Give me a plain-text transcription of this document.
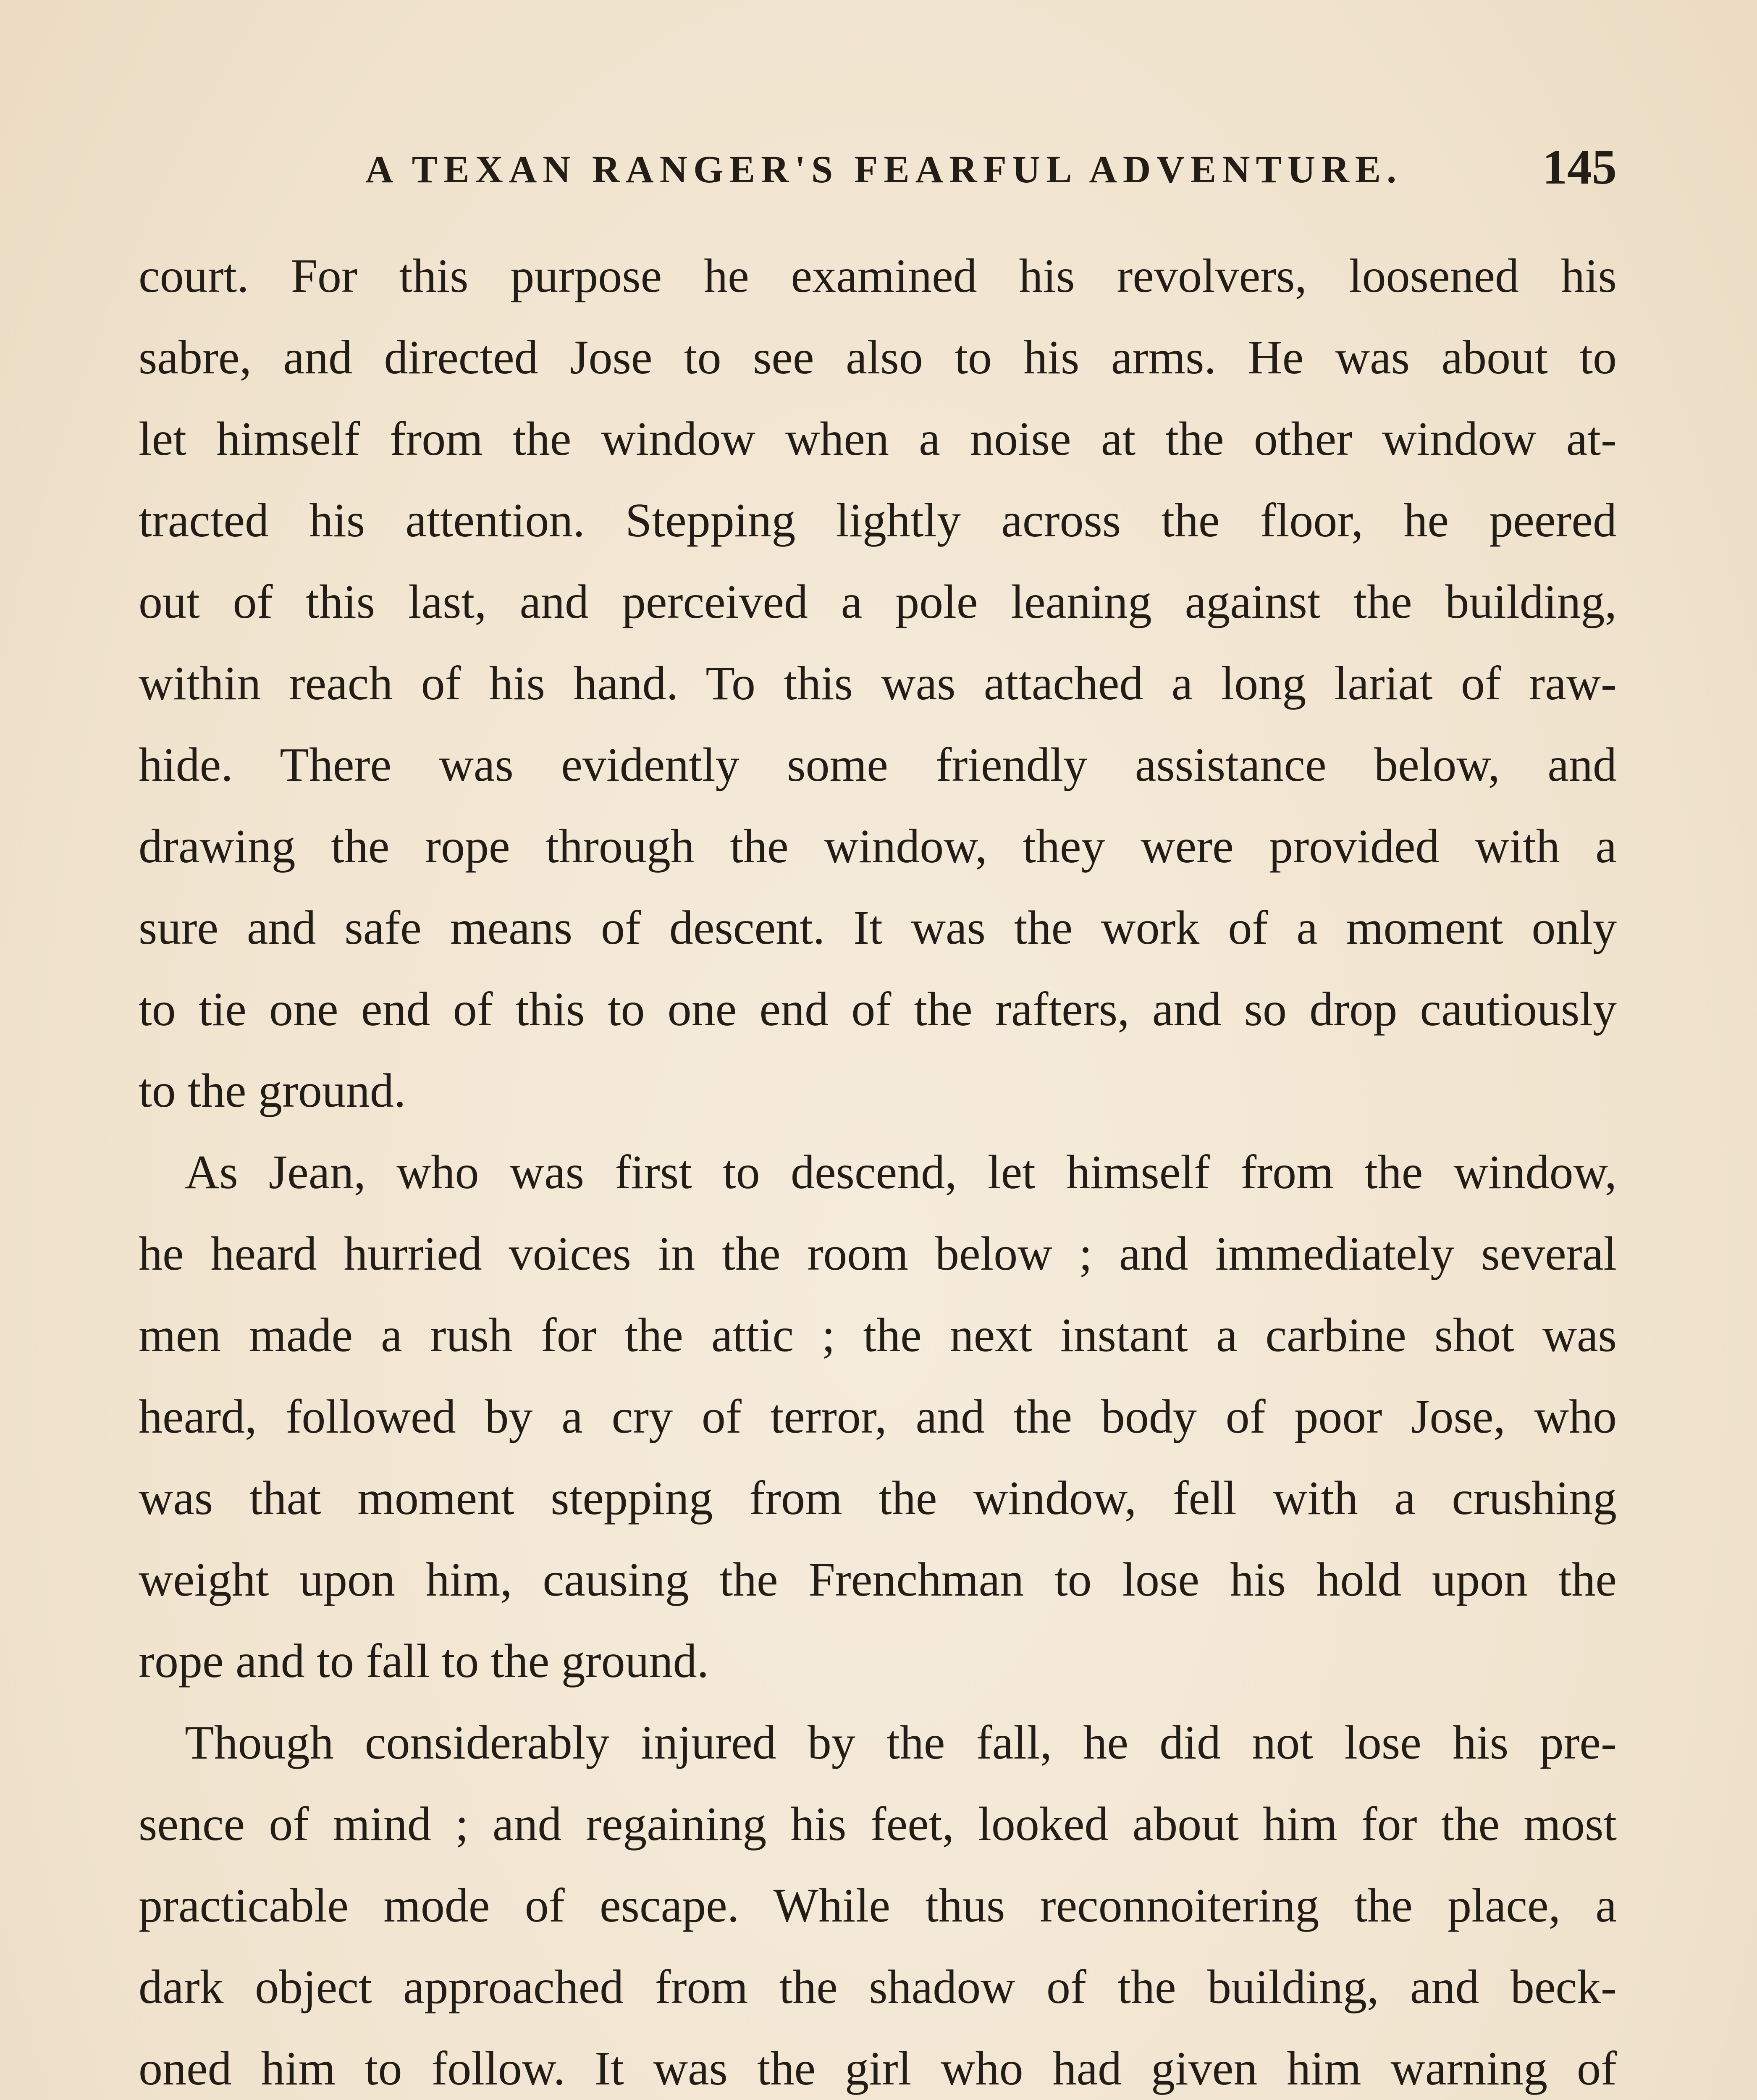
A TEXAN RANGER'S FEARFUL ADVENTURE.	145
court. For this purpose he examined his revolvers, loosened his
sabre, and directed Jose to see also to his arms. He was about to
let himself from the window when a noise at the other window at-
tracted his attention. Stepping lightly across the floor, he peered
out of this last, and perceived a pole leaning against the building,
within reach of his hand. To this was attached a long lariat of raw-
hide. There was evidently some friendly assistance below, and
drawing the rope through the window, they were provided with a
sure and safe means of descent. It was the work of a moment only
to tie one end of this to one end of the rafters, and so drop cautiously
to the ground.
As Jean, who was first to descend, let himself from the window,
he heard hurried voices in the room below ; and immediately several
men made a rush for the attic ; the next instant a carbine shot was
heard, followed by a cry of terror, and the body of poor Jose, who
was that moment stepping from the window, fell with a crushing
weight upon him, causing the Frenchman to lose his hold upon the
rope and to fall to the ground.
Though considerably injured by the fall, he did not lose his pre-
sence of mind ; and regaining his feet, looked about him for the most
practicable mode of escape. While thus reconnoitering the place, a
dark object approached from the shadow of the building, and beck-
oned him to follow. It was the girl who had given him warning of
